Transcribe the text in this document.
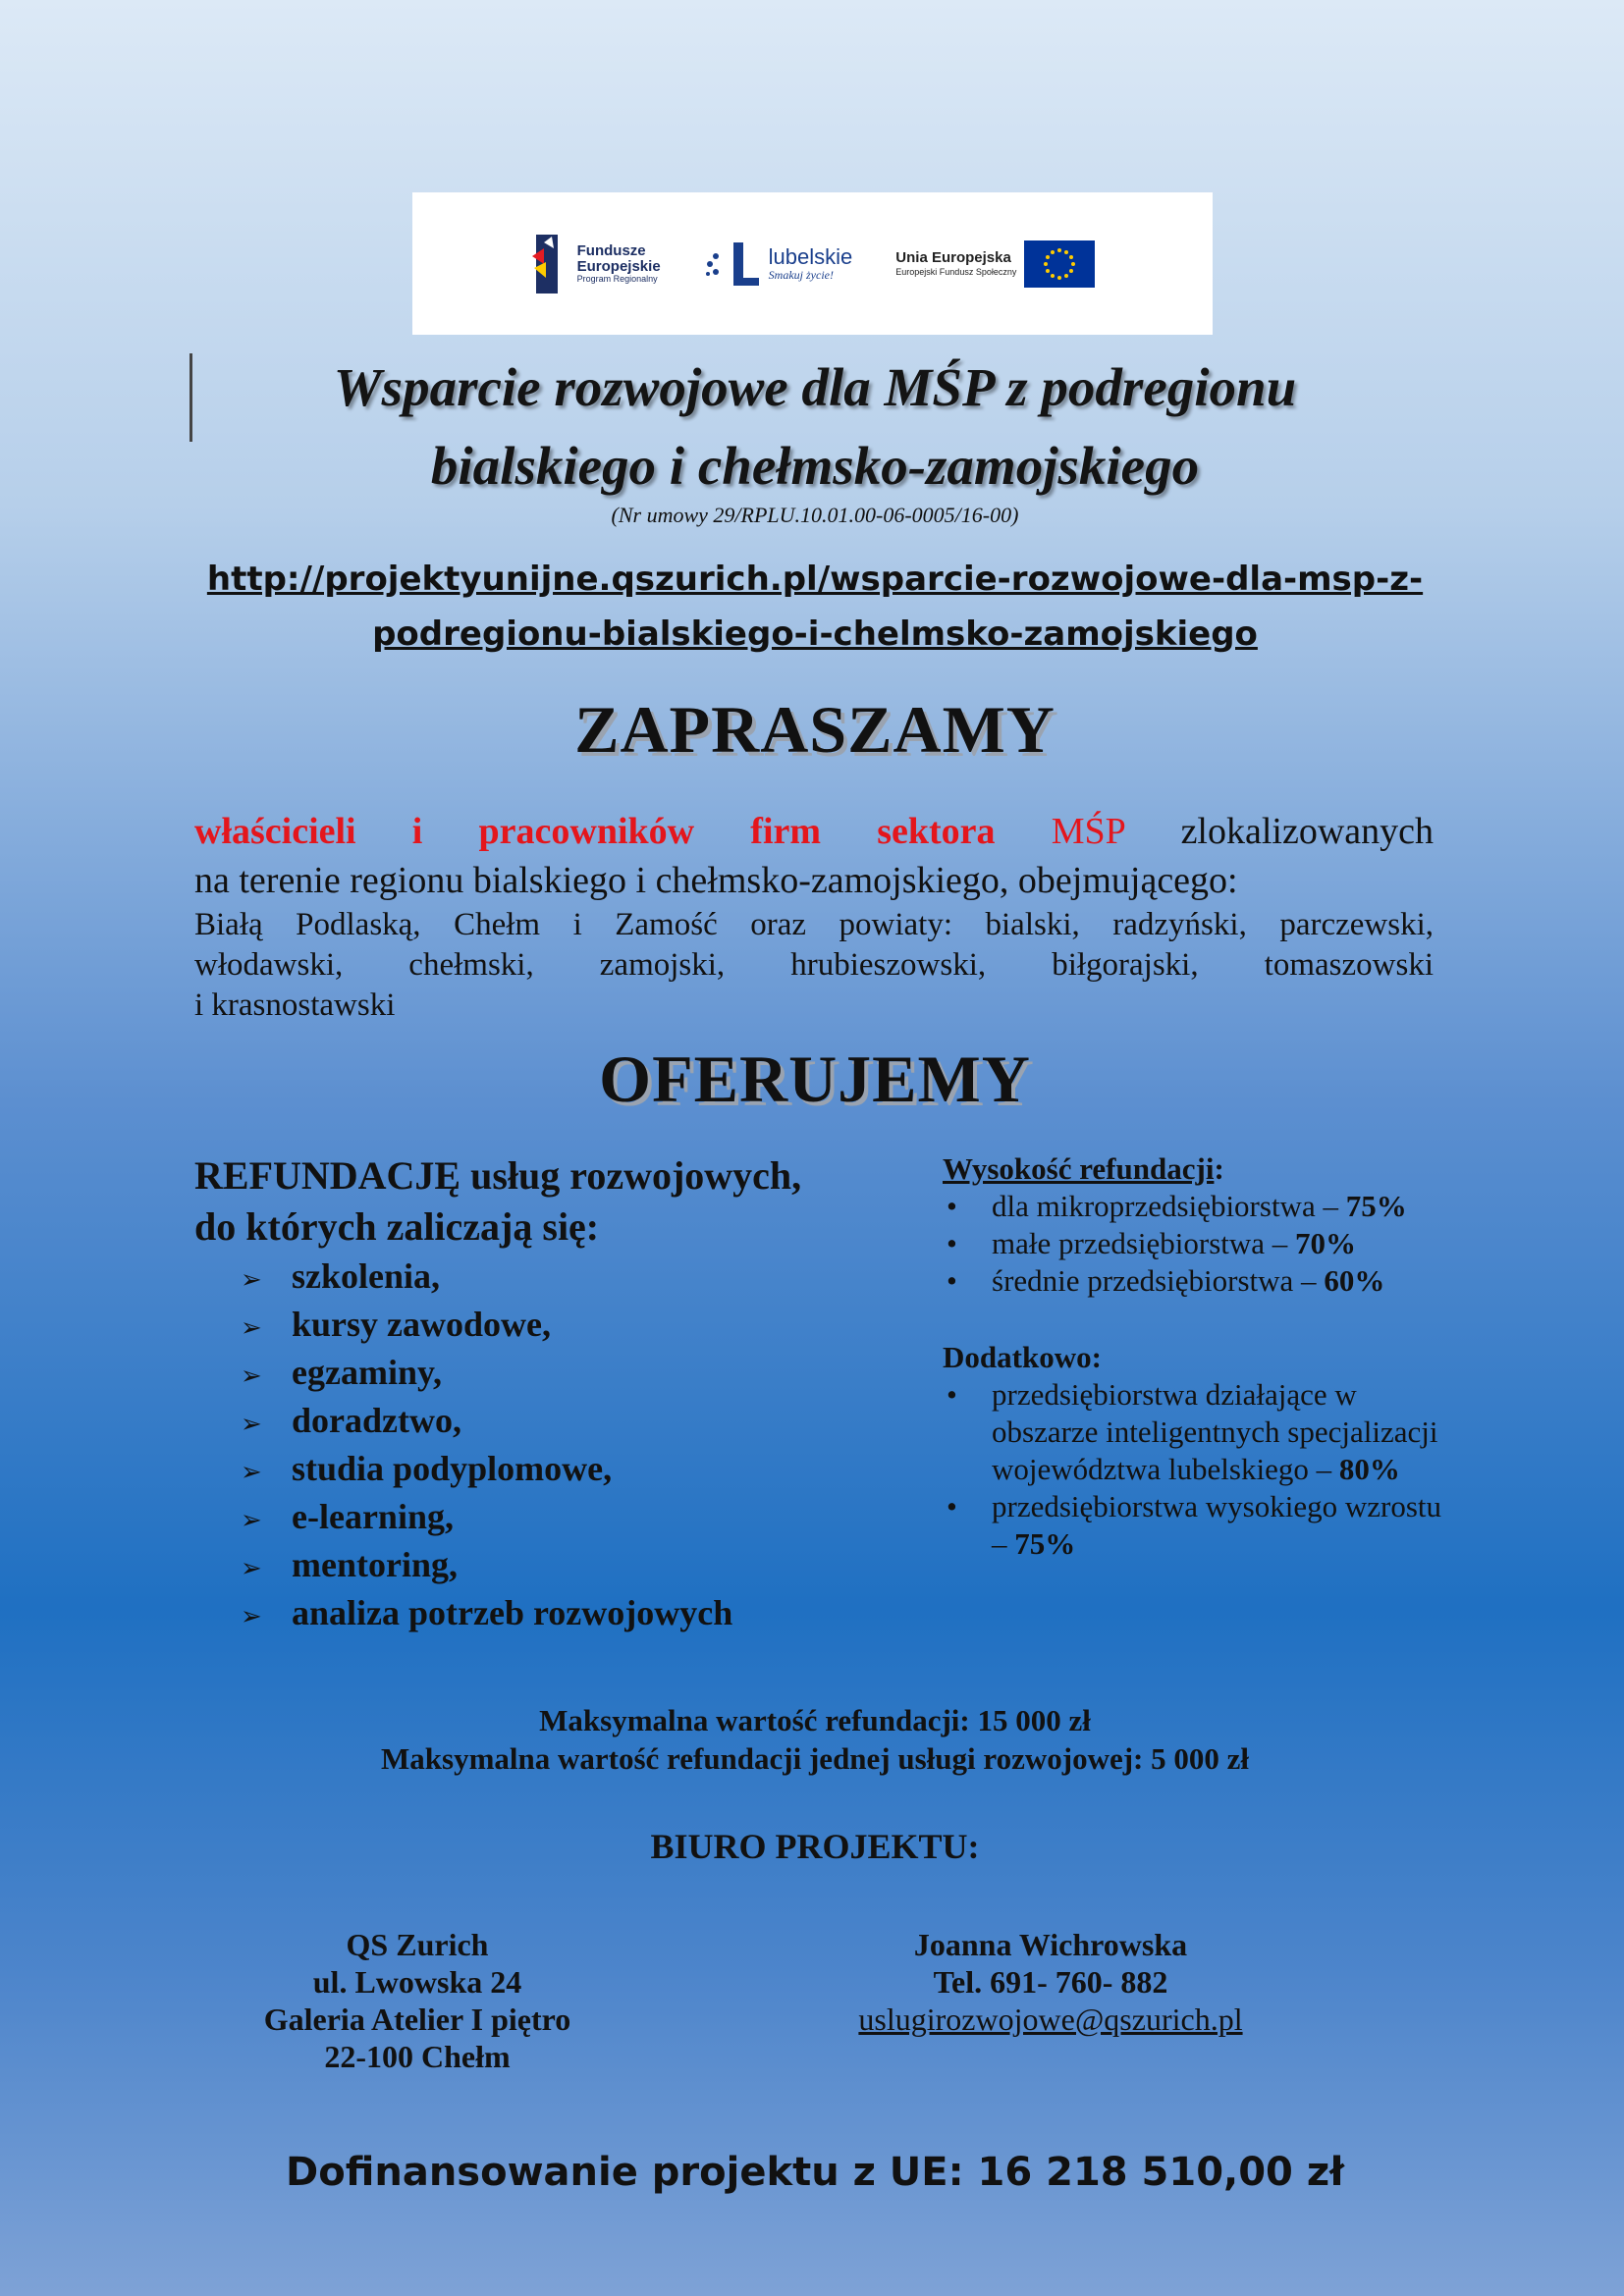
Fundusze
Europejskie
Program Regionalny
lubelskie
Smakuj życie!
Unia Europejska
Europejski Fundusz Społeczny
Wsparcie rozwojowe dla MŚP z podregionu
bialskiego i chełmsko-zamojskiego
(Nr umowy 29/RPLU.10.01.00-06-0005/16-00)
http://projektyunijne.qszurich.pl/wsparcie-rozwojowe-dla-msp-z-
podregionu-bialskiego-i-chelmsko-zamojskiego
ZAPRASZAMY
właścicieli i pracowników firm sektora MŚP zlokalizowanych
na terenie regionu bialskiego i chełmsko-zamojskiego, obejmującego:
Białą Podlaską, Chełm i Zamość oraz powiaty: bialski, radzyński, parczewski,
włodawski, chełmski, zamojski, hrubieszowski, biłgorajski, tomaszowski
i krasnostawski
OFERUJEMY
REFUNDACJĘ usług rozwojowych,
do których zaliczają się:
➢ szkolenia,
➢ kursy zawodowe,
➢ egzaminy,
➢ doradztwo,
➢ studia podyplomowe,
➢ e-learning,
➢ mentoring,
➢ analiza potrzeb rozwojowych
Wysokość refundacji:
• dla mikroprzedsiębiorstwa – 75%
• małe przedsiębiorstwa – 70%
• średnie przedsiębiorstwa – 60%
Dodatkowo:
• przedsiębiorstwa działające w obszarze inteligentnych specjalizacji województwa lubelskiego – 80%
• przedsiębiorstwa wysokiego wzrostu – 75%
Maksymalna wartość refundacji: 15 000 zł
Maksymalna wartość refundacji jednej usługi rozwojowej: 5 000 zł
BIURO PROJEKTU:
QS Zurich
ul. Lwowska 24
Galeria Atelier I piętro
22-100 Chełm
Joanna Wichrowska
Tel. 691- 760- 882
uslugirozwojowe@qszurich.pl
Dofinansowanie projektu z UE: 16 218 510,00 zł
